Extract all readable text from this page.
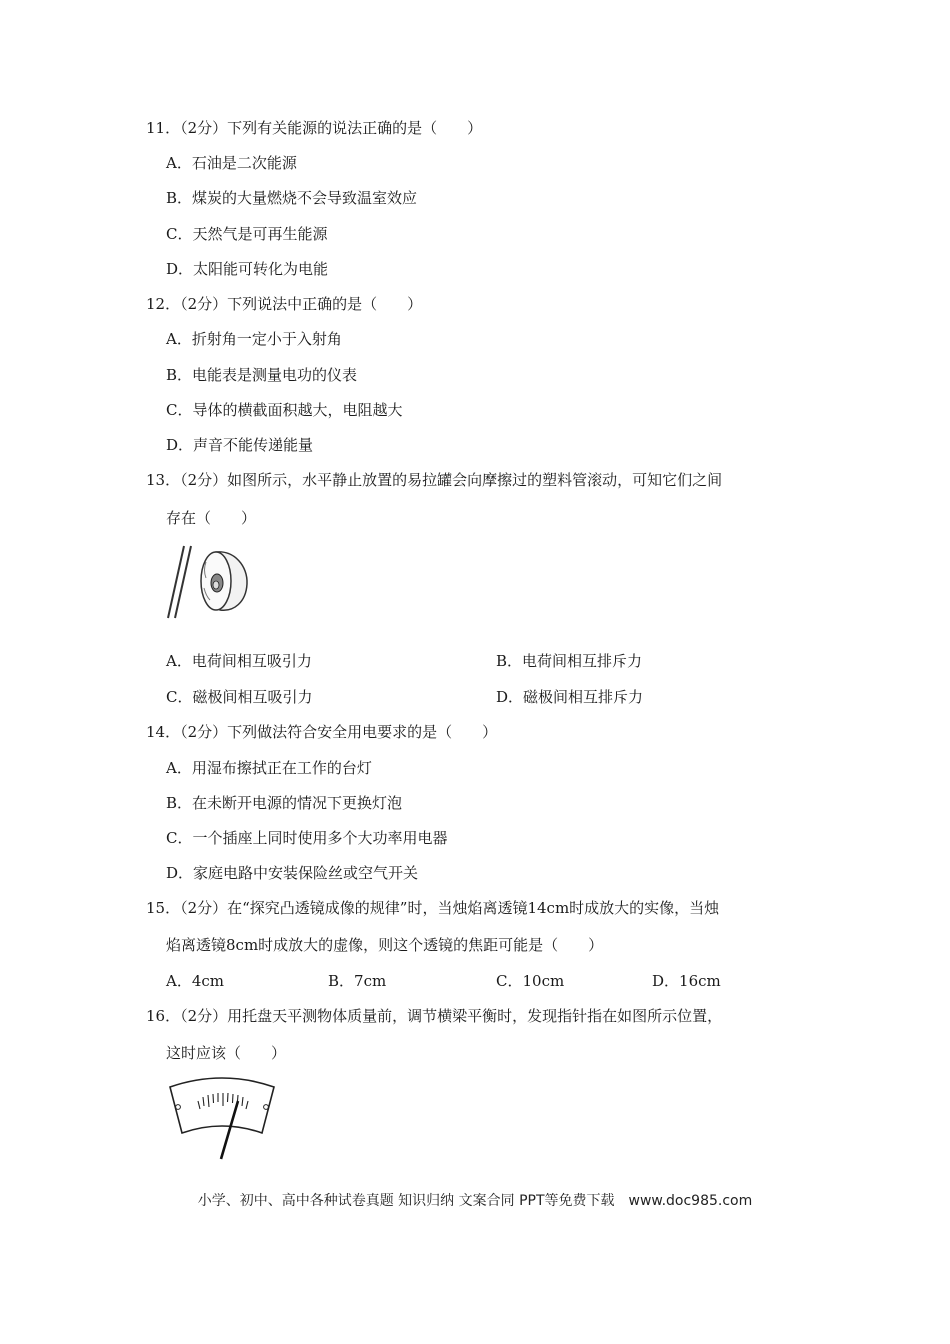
11．（2分）下列有关能源的说法正确的是（　　）
A．石油是二次能源
B．煤炭的大量燃烧不会导致温室效应
C．天然气是可再生能源
D．太阳能可转化为电能
12．（2分）下列说法中正确的是（　　）
A．折射角一定小于入射角
B．电能表是测量电功的仪表
C．导体的横截面积越大，电阻越大
D．声音不能传递能量
13．（2分）如图所示，水平静止放置的易拉罐会向摩擦过的塑料管滚动，可知它们之间
存在（　　）
A．电荷间相互吸引力	B．电荷间相互排斥力
C．磁极间相互吸引力	D．磁极间相互排斥力
14．（2分）下列做法符合安全用电要求的是（　　）
A．用湿布擦拭正在工作的台灯
B．在未断开电源的情况下更换灯泡
C．一个插座上同时使用多个大功率用电器
D．家庭电路中安装保险丝或空气开关
15．（2分）在“探究凸透镜成像的规律”时，当烛焰离透镜14cm时成放大的实像，当烛
焰离透镜8cm时成放大的虚像，则这个透镜的焦距可能是（　　）
A．4cm	B．7cm	C．10cm	D．16cm
16．（2分）用托盘天平测物体质量前，调节横梁平衡时，发现指针指在如图所示位置，
这时应该（　　）
小学、初中、高中各种试卷真题 知识归纳 文案合同 PPT等免费下载　www.doc985.com
